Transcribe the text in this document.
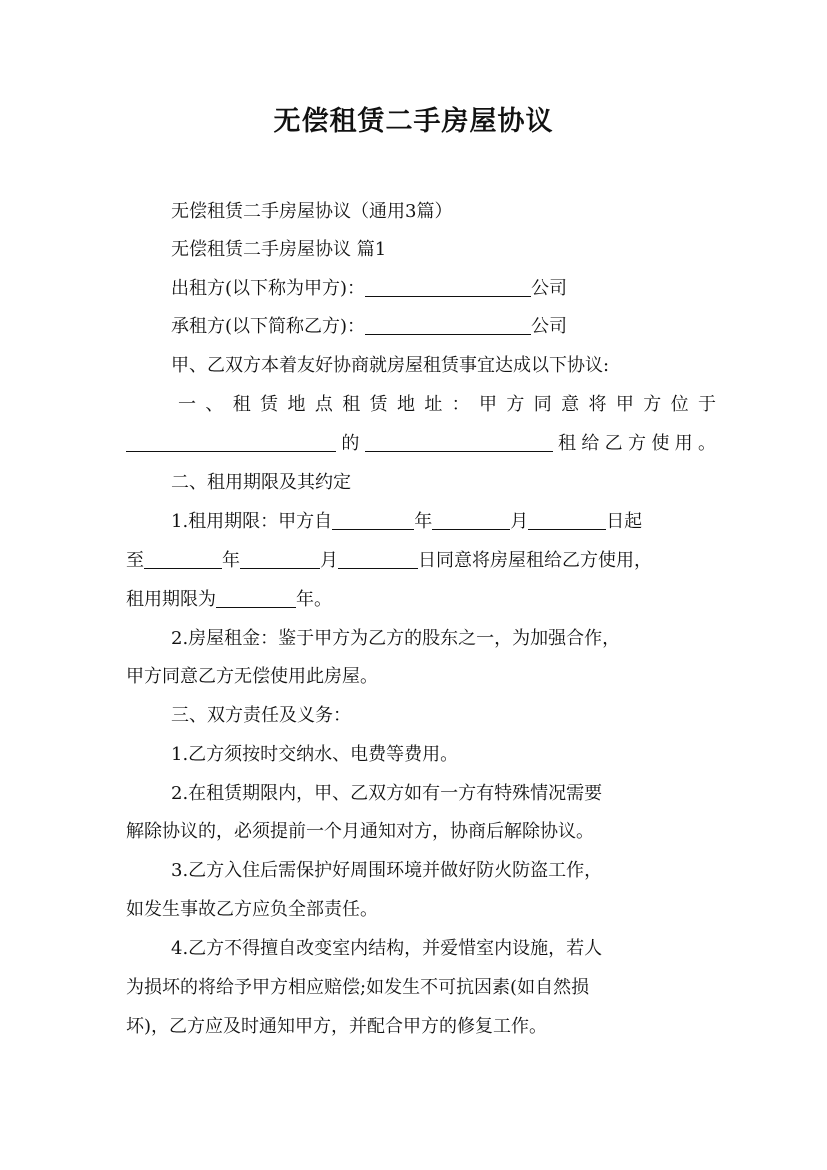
无偿租赁二手房屋协议
无偿租赁二手房屋协议（通用3篇）
无偿租赁二手房屋协议 篇1
出租方(以下称为甲方)：	公司
承租方(以下简称乙方)：	公司
甲、乙双方本着友好协商就房屋租赁事宜达成以下协议:
一、租赁地点租赁地址：甲方同意将甲方位于
的	租给乙方使用。
二、租用期限及其约定
1.租用期限：甲方自	年	月	日起
至	年	月	日同意将房屋租给乙方使用，
租用期限为	年。
2.房屋租金：鉴于甲方为乙方的股东之一，为加强合作，
甲方同意乙方无偿使用此房屋。
三、双方责任及义务：
1.乙方须按时交纳水、电费等费用。
2.在租赁期限内，甲、乙双方如有一方有特殊情况需要
解除协议的，必须提前一个月通知对方，协商后解除协议。
3.乙方入住后需保护好周围环境并做好防火防盗工作，
如发生事故乙方应负全部责任。
4.乙方不得擅自改变室内结构，并爱惜室内设施，若人
为损坏的将给予甲方相应赔偿;如发生不可抗因素(如自然损
坏)，乙方应及时通知甲方，并配合甲方的修复工作。
